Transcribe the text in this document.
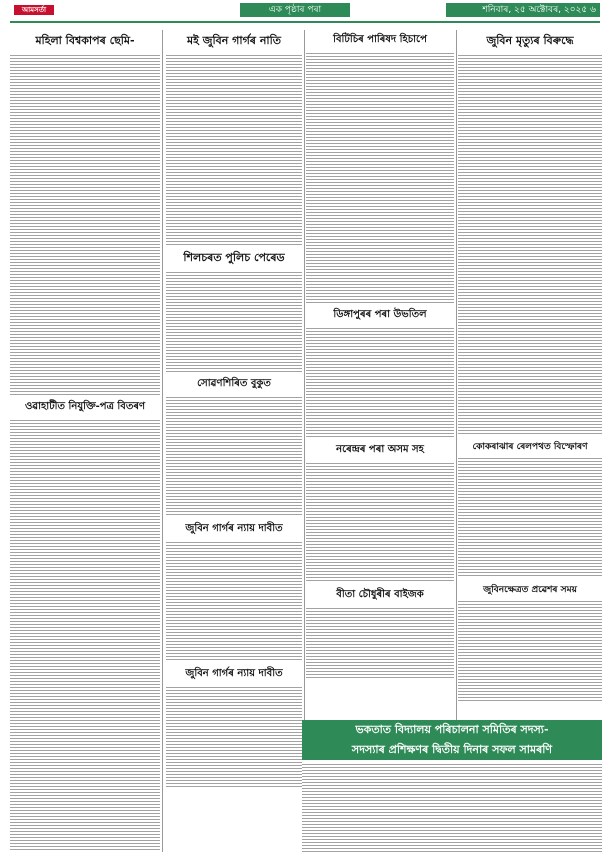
আমসৰ্তা	এক পৃষ্ঠাৰ পৰা	শনিবাৰ, ২৫ অক্টোবৰ, ২০২৫ ৬
মহিলা বিশ্বকাপৰ ছেমি-
ওৱাহাটীত নিযুক্তি-পত্ৰ বিতৰণ
মই জুবিন গাৰ্গৰ নাতি
শিলচৰত পুলিচ পেৰেড
সোৱণশিৰিত বুকুত
জুবিন গাৰ্গৰ ন্যায় দাবীত
জুবিন গাৰ্গৰ ন্যায় দাবীত
বিটিচিৰ পাৰিষদ হিচাপে
ডিঙ্গাপুৰৰ পৰা উভতিল
নৰেন্দ্ৰৰ পৰা অসম সহ
বীতা চৌধুৰীৰ বাইজক
জুবিন মৃত্যুৰ বিৰুদ্ধে
কোকৰাঝাৰ ৰেলপথত বিস্ফোৰণ
জুবিনক্ষেত্ৰত প্ৰৱেশৰ সময়
ভকতাত বিদ্যালয় পৰিচালনা সমিতিৰ সদস্য-
সদস্যাৰ প্ৰশিক্ষণৰ দ্বিতীয় দিনাৰ সফল সামৰণি
